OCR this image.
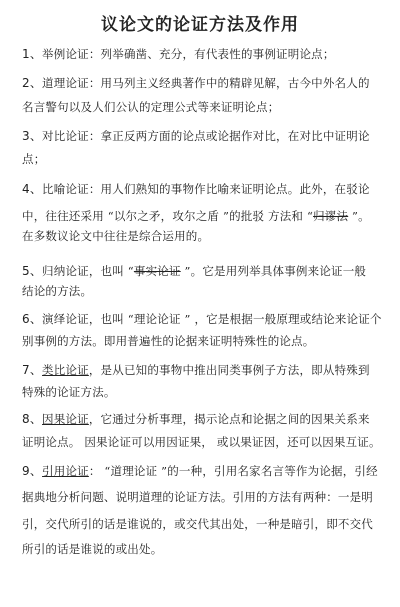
议论文的论证方法及作用
1、举例论证：列举确凿、充分，有代表性的事例证明论点；
2、道理论证：用马列主义经典著作中的精辟见解，古今中外名人的
名言警句以及人们公认的定理公式等来证明论点；
3、对比论证：拿正反两方面的论点或论据作对比，在对比中证明论
点；
4、比喻论证：用人们熟知的事物作比喻来证明论点。此外，在驳论
中，往往还采用 “以尔之矛，攻尔之盾 ”的批驳 方法和 “归谬法 ”。
在多数议论文中往往是综合运用的。
5、归纳论证，也叫 “事实论证 ”。它是用列举具体事例来论证一般
结论的方法。
6、演绎论证，也叫 “理论论证 ” ，它是根据一般原理或结论来论证个
别事例的方法。即用普遍性的论据来证明特殊性的论点。
7、类比论证，是从已知的事物中推出同类事例子方法，即从特殊到
特殊的论证方法。
8、因果论证，它通过分析事理，揭示论点和论据之间的因果关系来
证明论点。 因果论证可以用因证果， 或以果证因，还可以因果互证。
9、引用论证： “道理论证 ”的一种，引用名家名言等作为论据，引经
据典地分析问题、说明道理的论证方法。引用的方法有两种：一是明
引，交代所引的话是谁说的，或交代其出处，一种是暗引，即不交代
所引的话是谁说的或出处。
